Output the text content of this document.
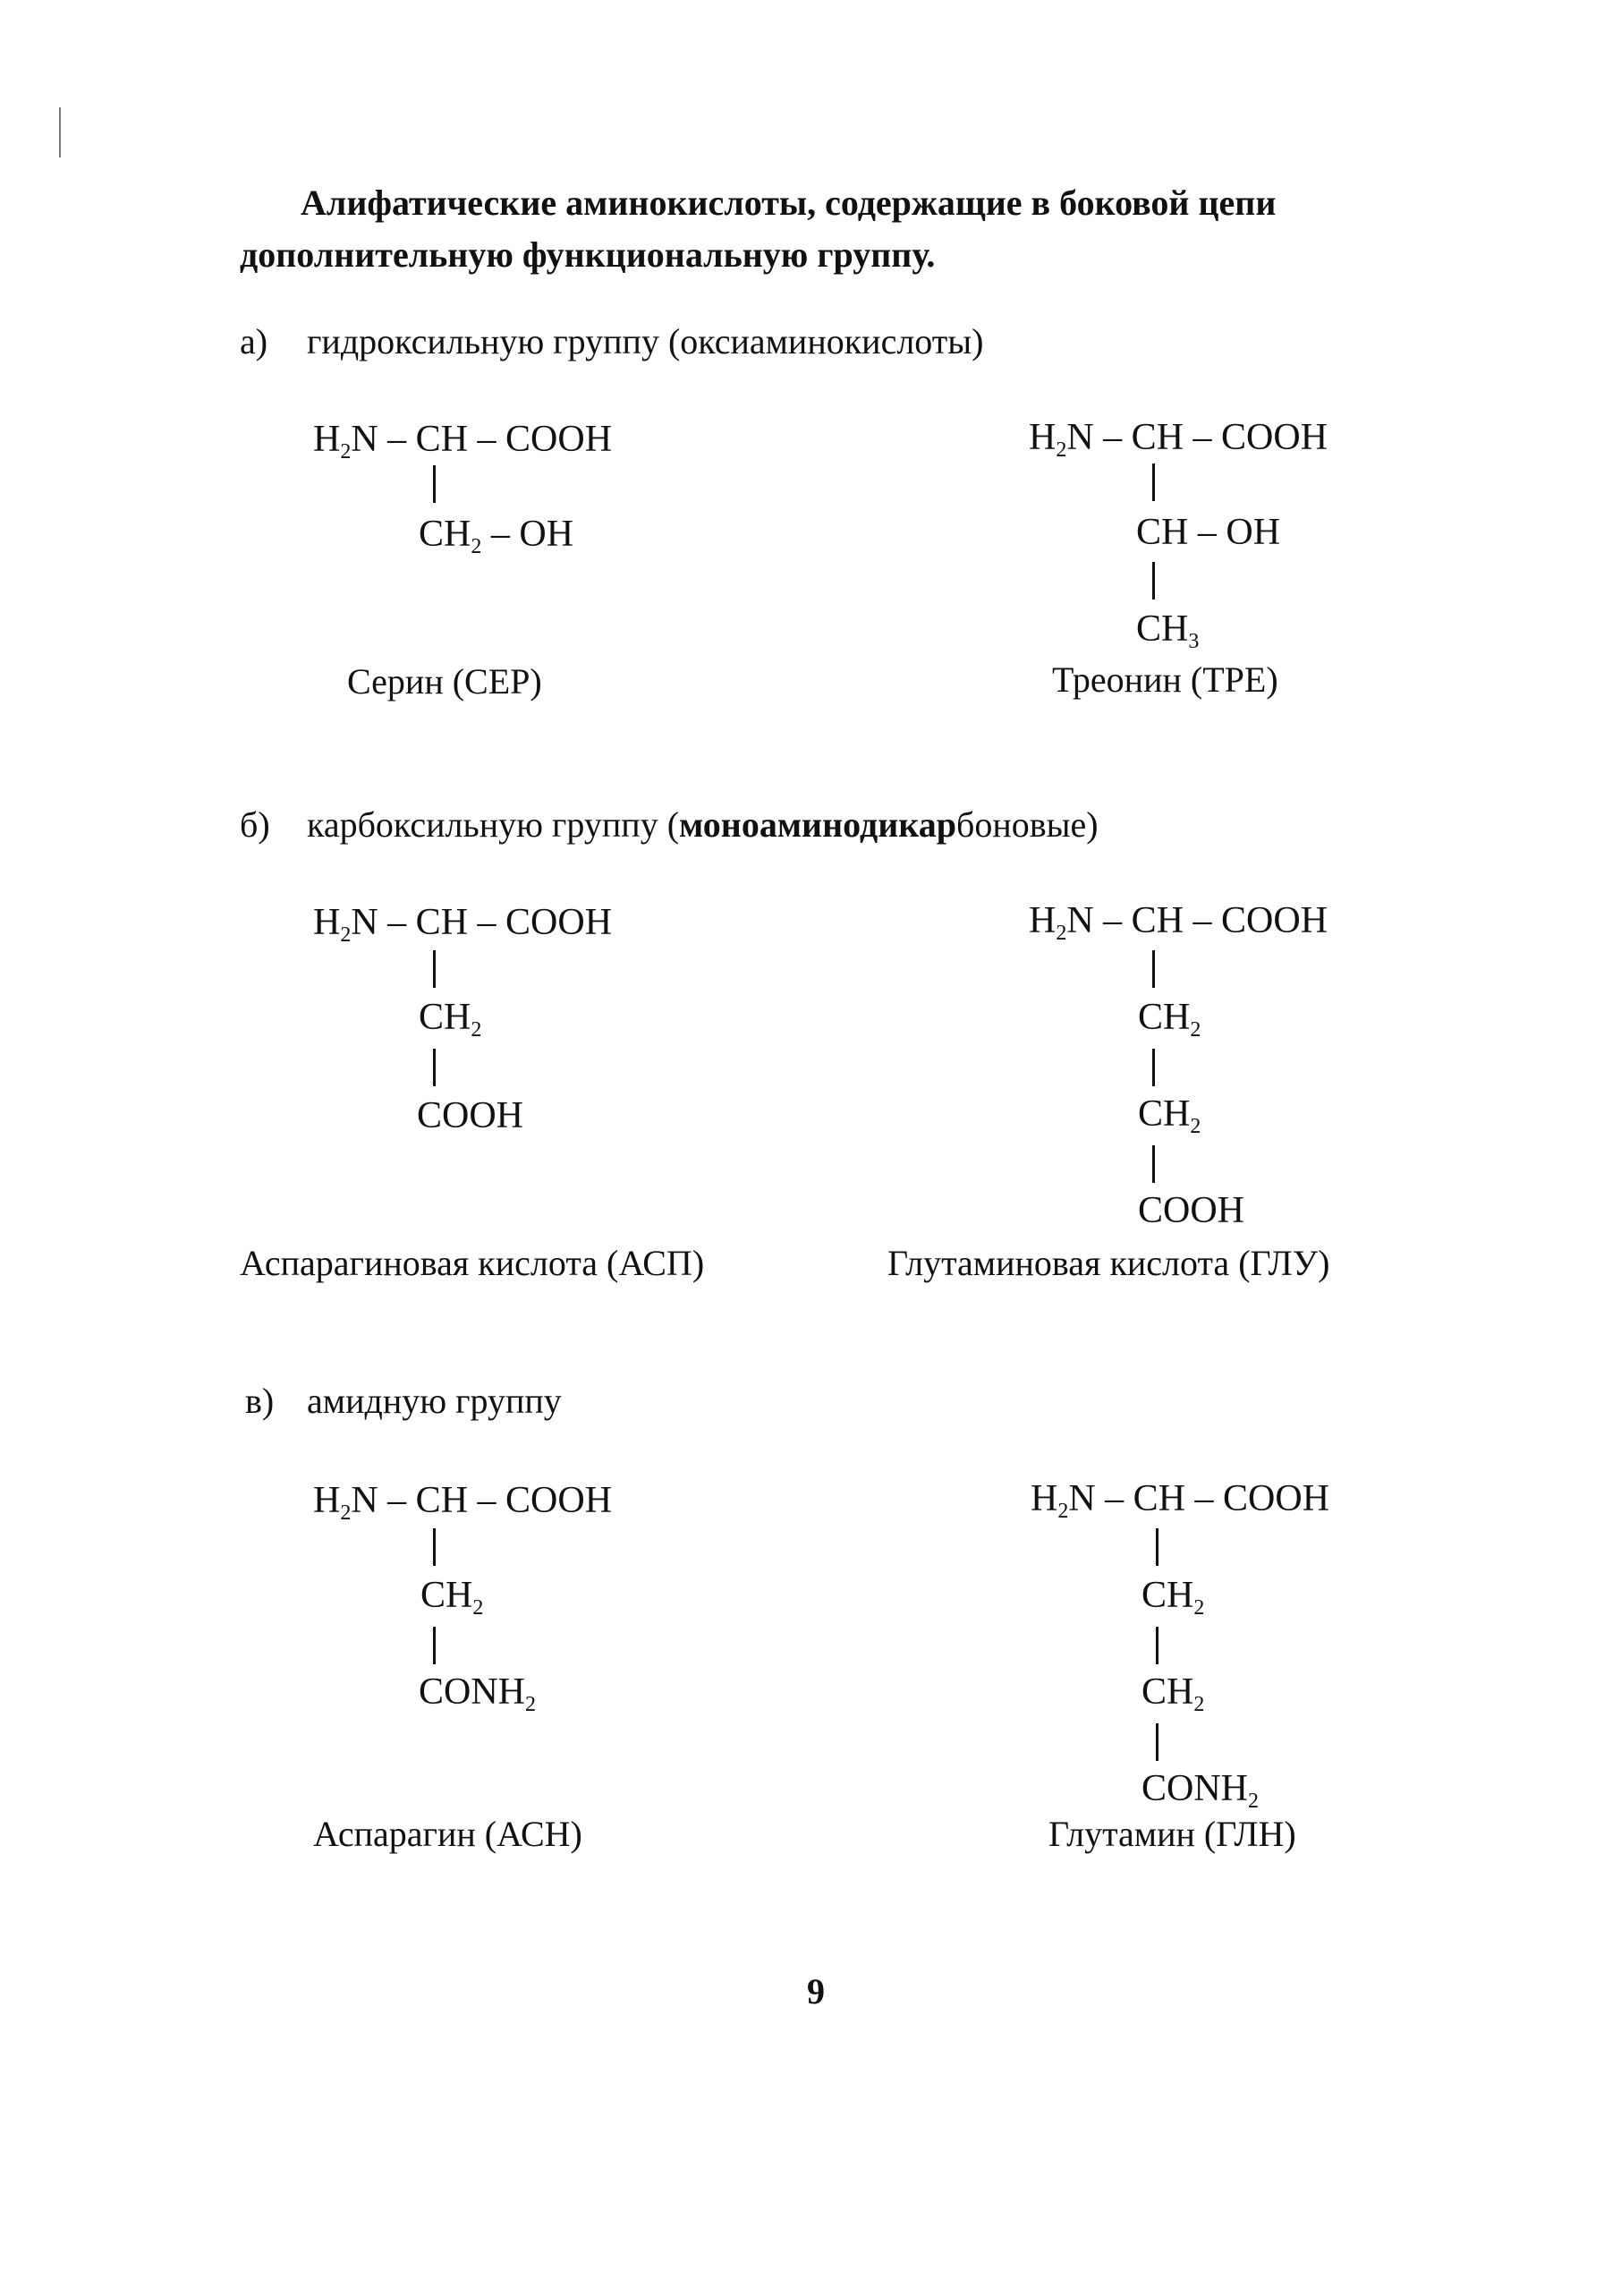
Алифатические аминокислоты, содержащие в боковой цепи
дополнительную функциональную группу.
а) гидроксильную группу (оксиаминокислоты)
$H_2N$ – CH – COOH
$CH_2$ – OH
Серин (СЕР)
$H_2N$ – CH – COOH
CH – OH
$CH_3$
Треонин (ТРЕ)
б) карбоксильную группу (моноаминодикарбоновые)
$H_2N$ – CH – COOH
$CH_2$
COOH
Аспарагиновая кислота (АСП)
$H_2N$ – CH – COOH
$CH_2$
$CH_2$
COOH
Глутаминовая кислота (ГЛУ)
в) амидную группу
$H_2N$ – CH – COOH
$CH_2$
$CONH_2$
Аспарагин (АСН)
$H_2N$ – CH – COOH
$CH_2$
$CH_2$
$CONH_2$
Глутамин (ГЛН)
9
